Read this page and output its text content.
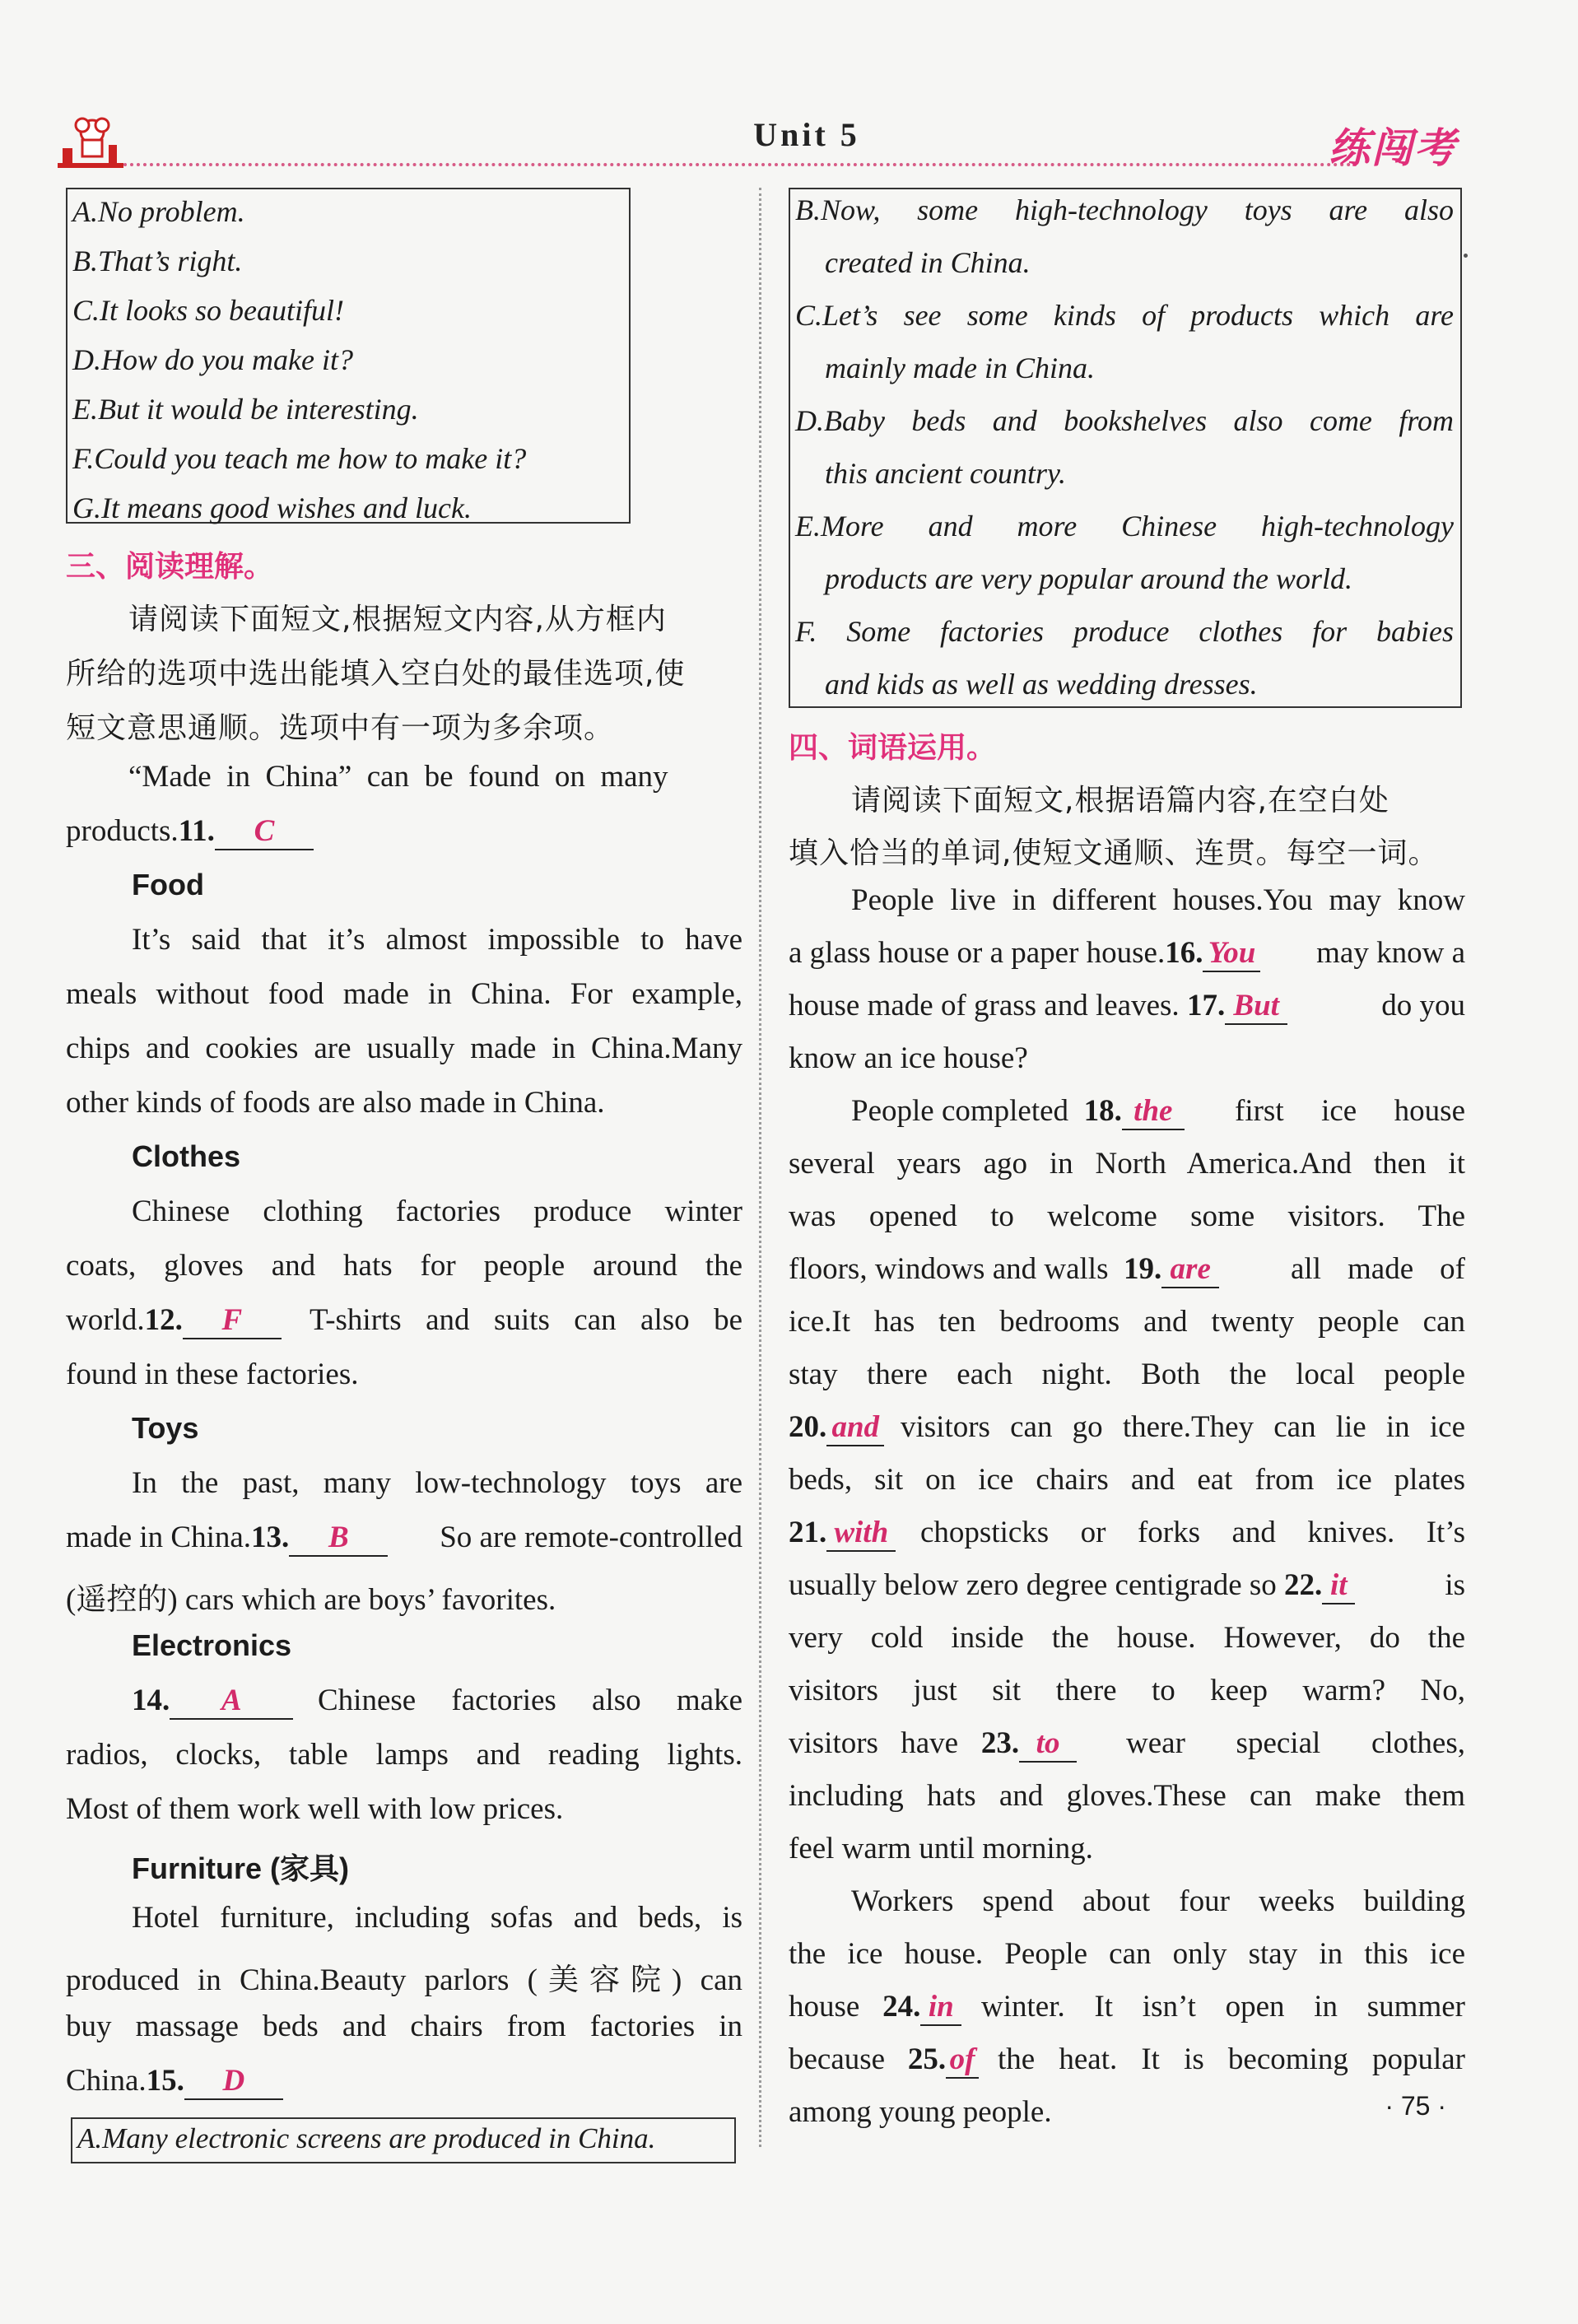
Unit 5	练闯考
A.No problem.
B.That’s right.
C.It looks so beautiful!
D.How do you make it?
E.But it would be interesting.
F.Could you teach me how to make it?
G.It means good wishes and luck.
三、阅读理解。
请阅读下面短文,根据短文内容,从方框内
所给的选项中选出能填入空白处的最佳选项,使
短文意思通顺。选项中有一项为多余项。
“Made  in  China”  can  be  found  on  many
products.11. C
Food
It’s said that it’s almost impossible to have
meals without food made in China. For example,
chips and cookies are usually made in China.Many
other kinds of foods are also made in China.
Clothes
Chinese clothing factories produce winter
coats, gloves and hats for people around the
world.12. F	T-shirts and suits can also be
found in these factories.
Toys
In the past, many low-technology toys are
made in China.13. B	So are remote-controlled
(遥控的) cars which are boys’ favorites.
Electronics
14. A	Chinese factories also make
radios, clocks, table lamps and reading lights.
Most of them work well with low prices.
Furniture (家具)
Hotel furniture, including sofas and beds, is
produced in China.Beauty parlors (美容院) can
buy massage beds and chairs from factories in
China.15. D
A.Many electronic screens are produced in China.
B.Now, some high-technology toys are also
created in China.
C.Let’s see some kinds of products which are
mainly made in China.
D.Baby beds and bookshelves also come from
this ancient country.
E.More and more Chinese high-technology
products are very popular around the world.
F. Some factories produce clothes for babies
and kids as well as wedding dresses.
四、词语运用。
请阅读下面短文,根据语篇内容,在空白处
填入恰当的单词,使短文通顺、连贯。每空一词。
People live in different houses.You may know
a glass house or a paper house.16. You	may know a
house made of grass and leaves. 17. But	do you
know an ice house?
People completed 18. the	first ice house
several years ago in North America.And then it
was opened to welcome some visitors. The
floors, windows and walls 19. are	all made of
ice.It has ten bedrooms and twenty people can
stay there each night. Both the local people
20. and visitors can go there.They can lie in ice
beds, sit on ice chairs and eat from ice plates
21. with chopsticks or forks and knives. It’s
usually below zero degree centigrade so 22. it	is
very cold inside the house. However, do the
visitors just sit there to keep warm? No,
visitors have 23. to	wear special clothes,
including hats and gloves.These can make them
feel warm until morning.
Workers spend about four weeks building
the ice house. People can only stay in this ice
house 24. in winter. It isn’t open in summer
because 25. of the heat. It is becoming popular
among young people.	· 75 ·
